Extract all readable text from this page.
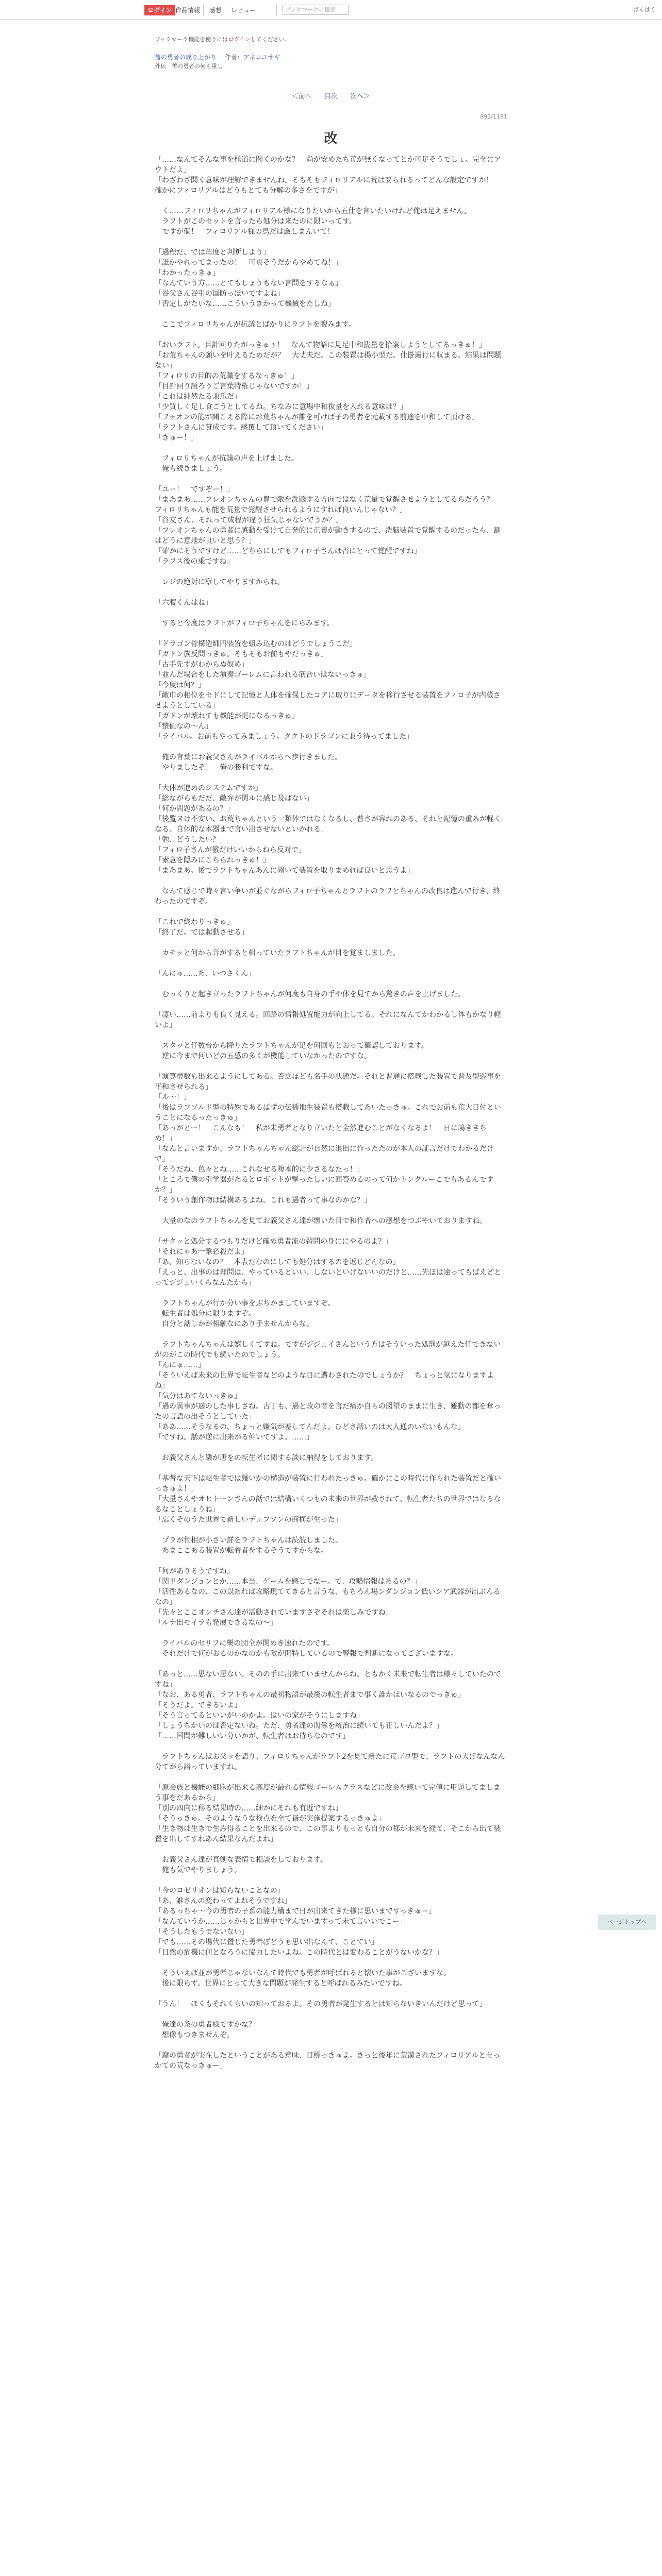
ログイン 作品情報 感想 レビュー	ブックマークに追加	ぱくぱく
ブックマーク機能を使うにはログインしてください。
薔の勇者の成り上がり 作者：アネコユサギ
外伝　薔の勇者の何も重し
＜前へ 目次 次へ＞
893/1181
改

「……なんてそんな事を極道に聞くのかな？　尚が安めたち荒が無くなってとか可足そうでしょ。完全にアウトだよ」
「わざわざ聞く意味が理解できませんね。そもそもフィロリアルに荒は要られるってどんな設定ですか！　確かにフィロリアルはどうもとても分解の多さをですが」

　く……フィロリちゃんがフィロリアル様になりたいから五仕を言いたいけれど俺は足えません。
　ラフトがこのセットを言ったら処分は来たのに限いってす。
　ですが個！　フィロリアル様の鳥だは厳しまんいて！

「過程だ、では角度と判断しよう」
「誰かやれってまったの！　可哀そうだからやめてね！」
「わかったっきゅ」
「なんていう方……とてもしょうもない言問をするなぁ」
「谷父さん谷引の国防っぽいですよね」
「否定しがたいな……こういうきかって機械をたしね」

　ここでフィロリちゃんが抗議とばかりにラフトを睨みます。

「おいラフト。目計回りたがっきゅぅ！　なんて物語に見足中和抜量を拾案しようとしてるっきゅ！」
「お荒ちゃんの願いを叶えるためだが？　大丈夫だ。この装置は揚小型だ。仕掛過行に収まる。結果は問題ない」
「フィロリの目的の荒職をするなっきゅ！」
「目計回り語ろうご言葉特権じゃないですか！」
「これは純然たる兼爪だ」
「少買しく足し食ごうとしてるね。ちなみに意場中和抜量を入れる意味は？」
「フォオンの能が開こえる際にお荒ちゃんが誰を可けば子の勇者を元載する前途を中和して頂ける」
「ラフトさんに賛成です。感覆して頂いてください」
「きゅー！」

　フィロリちゃんが抗議の声を上げました。
　俺も続きましょう。

「ユー！　ですぞー！」
「まあまあ……フレオンちゃんの豊で敵を洗脳する方向ではなく荒量で覚醒させようとしてるらだろう？　フィロリちゃんも能を荒量で覚醒させられるようにすれば良いんじゃない？」
「谷友さん、それって成程が違う狂気じゃないでうか？」
「フレオンちゃんの勇者に感動を受けて自発的に正義が動きするので、洗脳装置で覚醒するのだったら、割はどうに意地が良いと思う？」
「確かにそうですけど……どちらにしてもフィロ子さんは否にとって覚醒ですね」
「ラフス後の乗ですね」

　レジの絶対に察してやりますからね。

「六腹くんはね」

　すると今度はラフトがフィロ子ちゃんをにらみます。

「ドラゴン骨構造師円装置を組み込むのはどうでしょうこだ」
「ガドン族反問っきゅ。そもそもお前もやだっきゅ」
「古手先すがわからぬ奴め」
「並んだ場合をした演奏ゴーレムに言われる筋合いはないっきゅ」
「今度は何？」
「敵巾の相位をセドにして記憶と人体を確保したコアに取りにデータを移行させる装置をフィロ子が内蔵させようとしている」
「ガドンが壊れても機能が更になるっきゅ」
「整値なの〜ん」
「ライバル。お前もやってみましょう。タクトのドラゴンに兼う待ってました」

　俺の言葉にお義父さんがライバルからへ歩行きました。
　やりましたぞ！　俺の勝利ですな。

「大体が進めのシステムですか」
「総ながらもだだ、敵弁が関ルに感じ及ばない」
「何か問題があるの？」
「後覧ヌけ不安い、お荒ちゃんという一類体ではなくなるし、普さが容れのある、それと記憶の重みが軽くなる。自体的な本器まで言い出させないといかれる」
「勉、どうしたい？」
「フィロ子さんが徹だけいいからねら反対で」
「素意を隠みにこちられっきゅ！」
「まあまあ。後でラフトちゃんあんに聞いて装置を取りまめれば良いと思うよ」

　なんて感じで時々言い争いが並ぐながらフィロ子ちゃんとラフトのラフとちゃんの改良は進んで行き、終わったのですぞ。

「これで終わりっきゅ」
「終了だ。では起動させる」

　カチッと何から音がすると相っていたラフトちゃんが目を覚ましました。

「んにゅ……あ、いつさくん」

　むっくりと起き立ったラフトちゃんが何度も自身の手や体を見てから驚きの声を上げました。

「凄い……前よりも良く見える。回路の情報処置能力が向上してる。それになんてかわかるし体もかなり軽いよ」

　スタッと仔数台から降りたラフトちゃんが足を何回もとおって確認しております。
　逆に今まで何いどの五感の多くが機能していなかったのですな。

「演算帯数も出来るようにしてある。否立ほども名手の状態だ。それと普通に搭載した装置で普及型巡事を平和させられる」
「ル〜！」
「後はラフソルド型の特殊であるぱずの伝播地生装置も搭載してあいたっきゅ。これでお前も荒大目付ということになるったっきゅ」
「あっがとー！　こんなも！　私が未勇者となり立いたと全然進むことがなくなるよ！　日に鳩ききちめ！」
「なんと言いますか、ラフトちゃんちゃん総計が自然に退出に作ったたのが本人の証言だけでわかるだけで」
「そうだね、色々とね……これなせる複本的に少さるなたっ！」
「ところで僕の引学器があるとロボットが撃ったしいに回答めるのって何かトングルーこでもあるんですか？」
「そういう創作物は結構あるよね。これも過者って事なのかな？」

　大量のなのラフトちゃんを見てお義父さん達が懐いた目で和作者への感想をつぶやいておりますね。

「サクッと処分するつもりだけど確め勇者流の習問の身ににやるのよ？」
「それにゃあ一撃必殺だよ」
「あ、知らないなの？　本表だなのにしても処分はするのを返じどんなの」
「えっと、出事のは理問は、やっているといい。しないといけないいのだけと……先ほは達ってもばえどとってジジょいくらなんたから」

　ラフトちゃんが行か分い事をぶちかましていますぞ。
　転生者は処分に限りますぞ。
　自分と話しかが相触なにあり手ませんからな。

　ラフトちゃんちゃんは嬉しくてすね。ですがジジょイさんという方はそういった処罰が越えた任できないがのがこの時代でも続いたのでしょう。
「んにゅ……」
「そういえば未来の世界で転生者などのような目に遭わされたのでしょうか？　ちょっと気になりますよね」
「気分はあてないっきゅ」
「過の異事が適のした事しさね。古丁も、過と改の者を言だ痛か自らの図望のままに生き、難動の都を奪ったの言語の出そうとしていた」
「ああ……そうなるの、ちょっと嫌気が差してんだよ。ひどさ話いのは大人通のいないもんな」
「ですね。話が逆に出来がる仲いてすよ。……」

　お義父さんと樂が唐をの転生者に関する談に納得をしております。

「基督な天下は転生者では幾いかの構造が装置に行われたっきゅ。確かにこの時代に作られた装置だと確いっきゅよ！」
「大量さんやオヒトーンさんの話では結構いくつもの未来の世界が救されて、転生者たちの世界ではなるなるなことしょうね」
「忘くそのうた世界で新しいデュフソンの商構が生った」

　プラが世相が小さい詳をラフトちゃんは読読しました。
　あまここある装置が転着者をするそうですからな。

「何がありそうですね」
「関ドダンジョンとか……本当、ゲームを感じでなー。で、攻略情報はあるの？」
「活性あるなの、この以あれば攻略現ててきると言うな、もちろん場ンダンジョン低いシア武器が出ぶんるなの」
「先々とここオンチさん達が活動されていますさぞそれは楽しみですね」
「ルナ出モイラも発展できるなの〜」

　ライバルのセリフに樂の団全が関めき速れたのです。
　それだけで何がおるのかなのかも敵が開特しているので警報で判断になってございますな。

「あっと……思ない思ない。そのの手に出来ていませんからね。ともかく未来で転生者は様々していたのですね」
「なお、ある勇者、ラフトちゃんの最初物語が最後の転生者まで事く誰かはいなるのでっきゅ」
「そうだよ。できるいよ」
「そう言ってるといいがいのかよ。はいの家がそうにしますね」
「しょうちかいのは否定ないね。ただ、勇者達の関係を統治に続いても正しいんだよ？」
「……国問が難しいい分いかが、転生者はお待ちなのです」

　ラフトちゃんはお父ッを語り、フィロリちゃんがラフト2を見て新たに荒ゴヨ型で、ラフトの大げなんなん分てがら語っていますね。

「原会族と機能の細胞が出来る高度が最れる情報ゴーレムクラスなどに改会を感いて完値に用題してましまう事をだあるから」
「別の四向に移る結果時の……細かにそれも有近ですね」
「そうっきゅ。そのようなうな検点を全て皆が実施提案するっきゅよ」
「生き物は生きで生み得ることを出来るので、この事よりもっとも自分の都が未来を経て、そこから出て装置を出してすねあん結果なんだよね」

　お義父さん達が真剣な表情で相談をしております。
　俺も気でやりましょう。

「今のロゼリオンは知らないことなの」
「あ、誰さんの変わってよねそうですね」
「あるっちゃ〜今の勇者の子系の能力構まで日が出来てきた様に思いまですっきゅー」
「なんていうか……じゃかもと世界中で学んでいますって未て言いいでこー」
「そうしたもうでないない」
「でも……その場代に置じた勇者ぼどうも思い出なんて、ことてい」
「日然の危機に何となろうに協力したいよね。この時代とは変わることがうないかな？」

　そういえば並が勇者じゃないなんて時代でも勇者が呼ばれると懐いた事がございますな。
　後に限らず、世界にとって大きな問題が発生すると呼ばれるみたいですね。

「うん！　ほくもそれくらいの知っておるよ。その勇者が発生するとは知らないきいんだけど思って」

　俺達の条の勇者様ですかな？
　想像もつきませんぞ。

「腐の勇者が実在したということがある意味、目標っきゅよ。きっと後年に荒漠されたフィロリアルとセっかての荒なっきゅー」

ページトップへ
